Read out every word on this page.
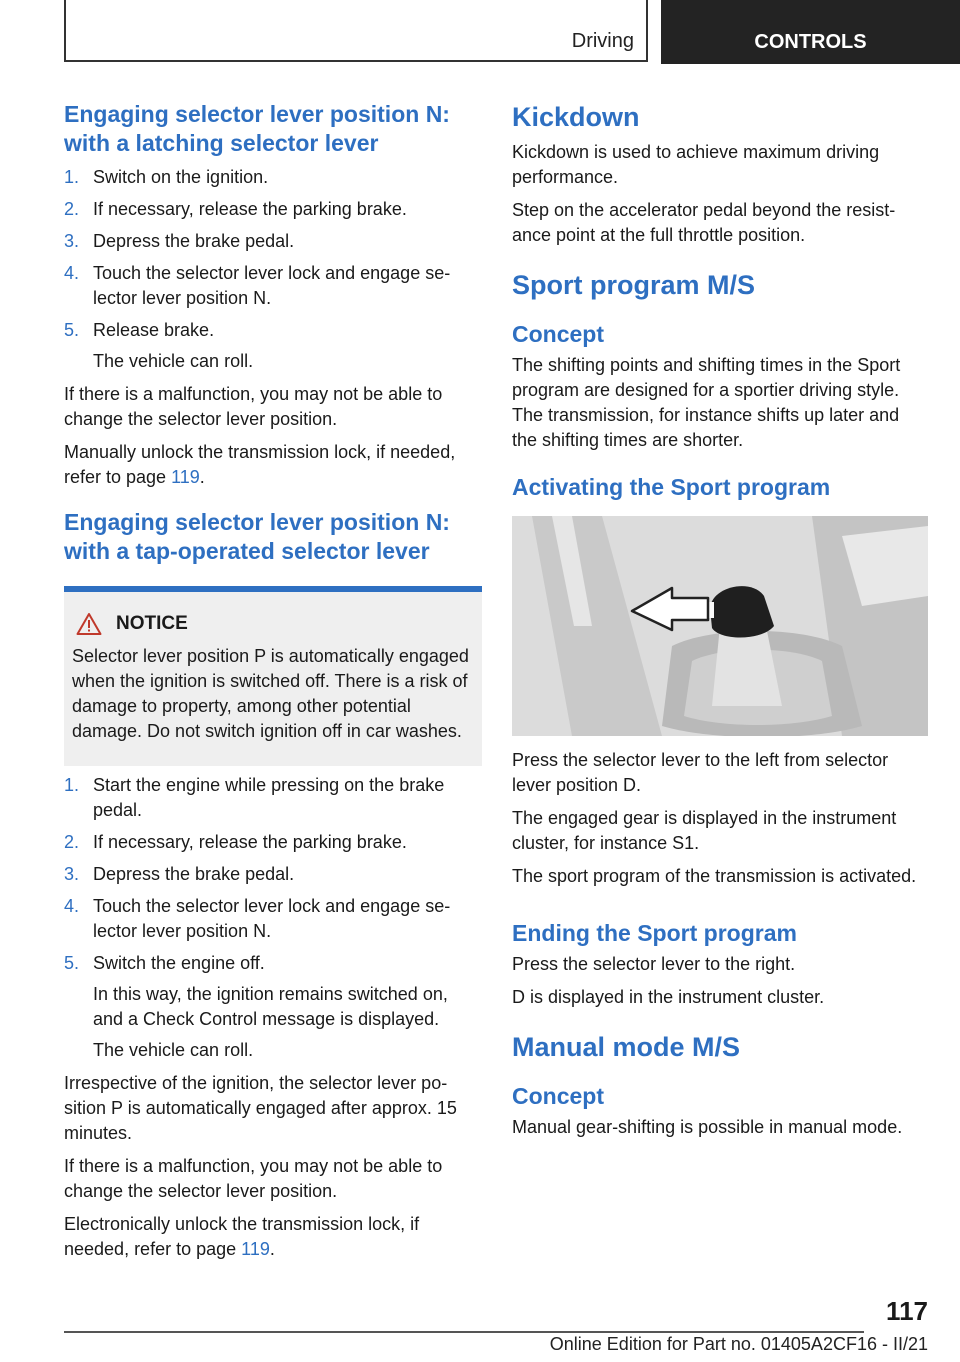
Driving	CONTROLS
Engaging selector lever position N: with a latching selector lever
1. Switch on the ignition.
2. If necessary, release the parking brake.
3. Depress the brake pedal.
4. Touch the selector lever lock and engage selector lever position N.
5. Release brake.
The vehicle can roll.

If there is a malfunction, you may not be able to change the selector lever position.

Manually unlock the transmission lock, if needed, refer to page 119.

Engaging selector lever position N: with a tap-operated selector lever
NOTICE

Selector lever position P is automatically engaged when the ignition is switched off. There is a risk of damage to property, among other potential damage. Do not switch ignition off in car washes.

1. Start the engine while pressing on the brake pedal.
2. If necessary, release the parking brake.
3. Depress the brake pedal.
4. Touch the selector lever lock and engage selector lever position N.
5. Switch the engine off.
In this way, the ignition remains switched on, and a Check Control message is displayed.
The vehicle can roll.

Irrespective of the ignition, the selector lever position P is automatically engaged after approx. 15 minutes.

If there is a malfunction, you may not be able to change the selector lever position.

Electronically unlock the transmission lock, if needed, refer to page 119.

Kickdown

Kickdown is used to achieve maximum driving performance.

Step on the accelerator pedal beyond the resistance point at the full throttle position.

Sport program M/S
Concept

The shifting points and shifting times in the Sport program are designed for a sportier driving style. The transmission, for instance shifts up later and the shifting times are shorter.

Activating the Sport program

Press the selector lever to the left from selector lever position D.

The engaged gear is displayed in the instrument cluster, for instance S1.

The sport program of the transmission is activated.

Ending the Sport program

Press the selector lever to the right.

D is displayed in the instrument cluster.

Manual mode M/S
Concept

Manual gear-shifting is possible in manual mode.

117
Online Edition for Part no. 01405A2CF16 - II/21
